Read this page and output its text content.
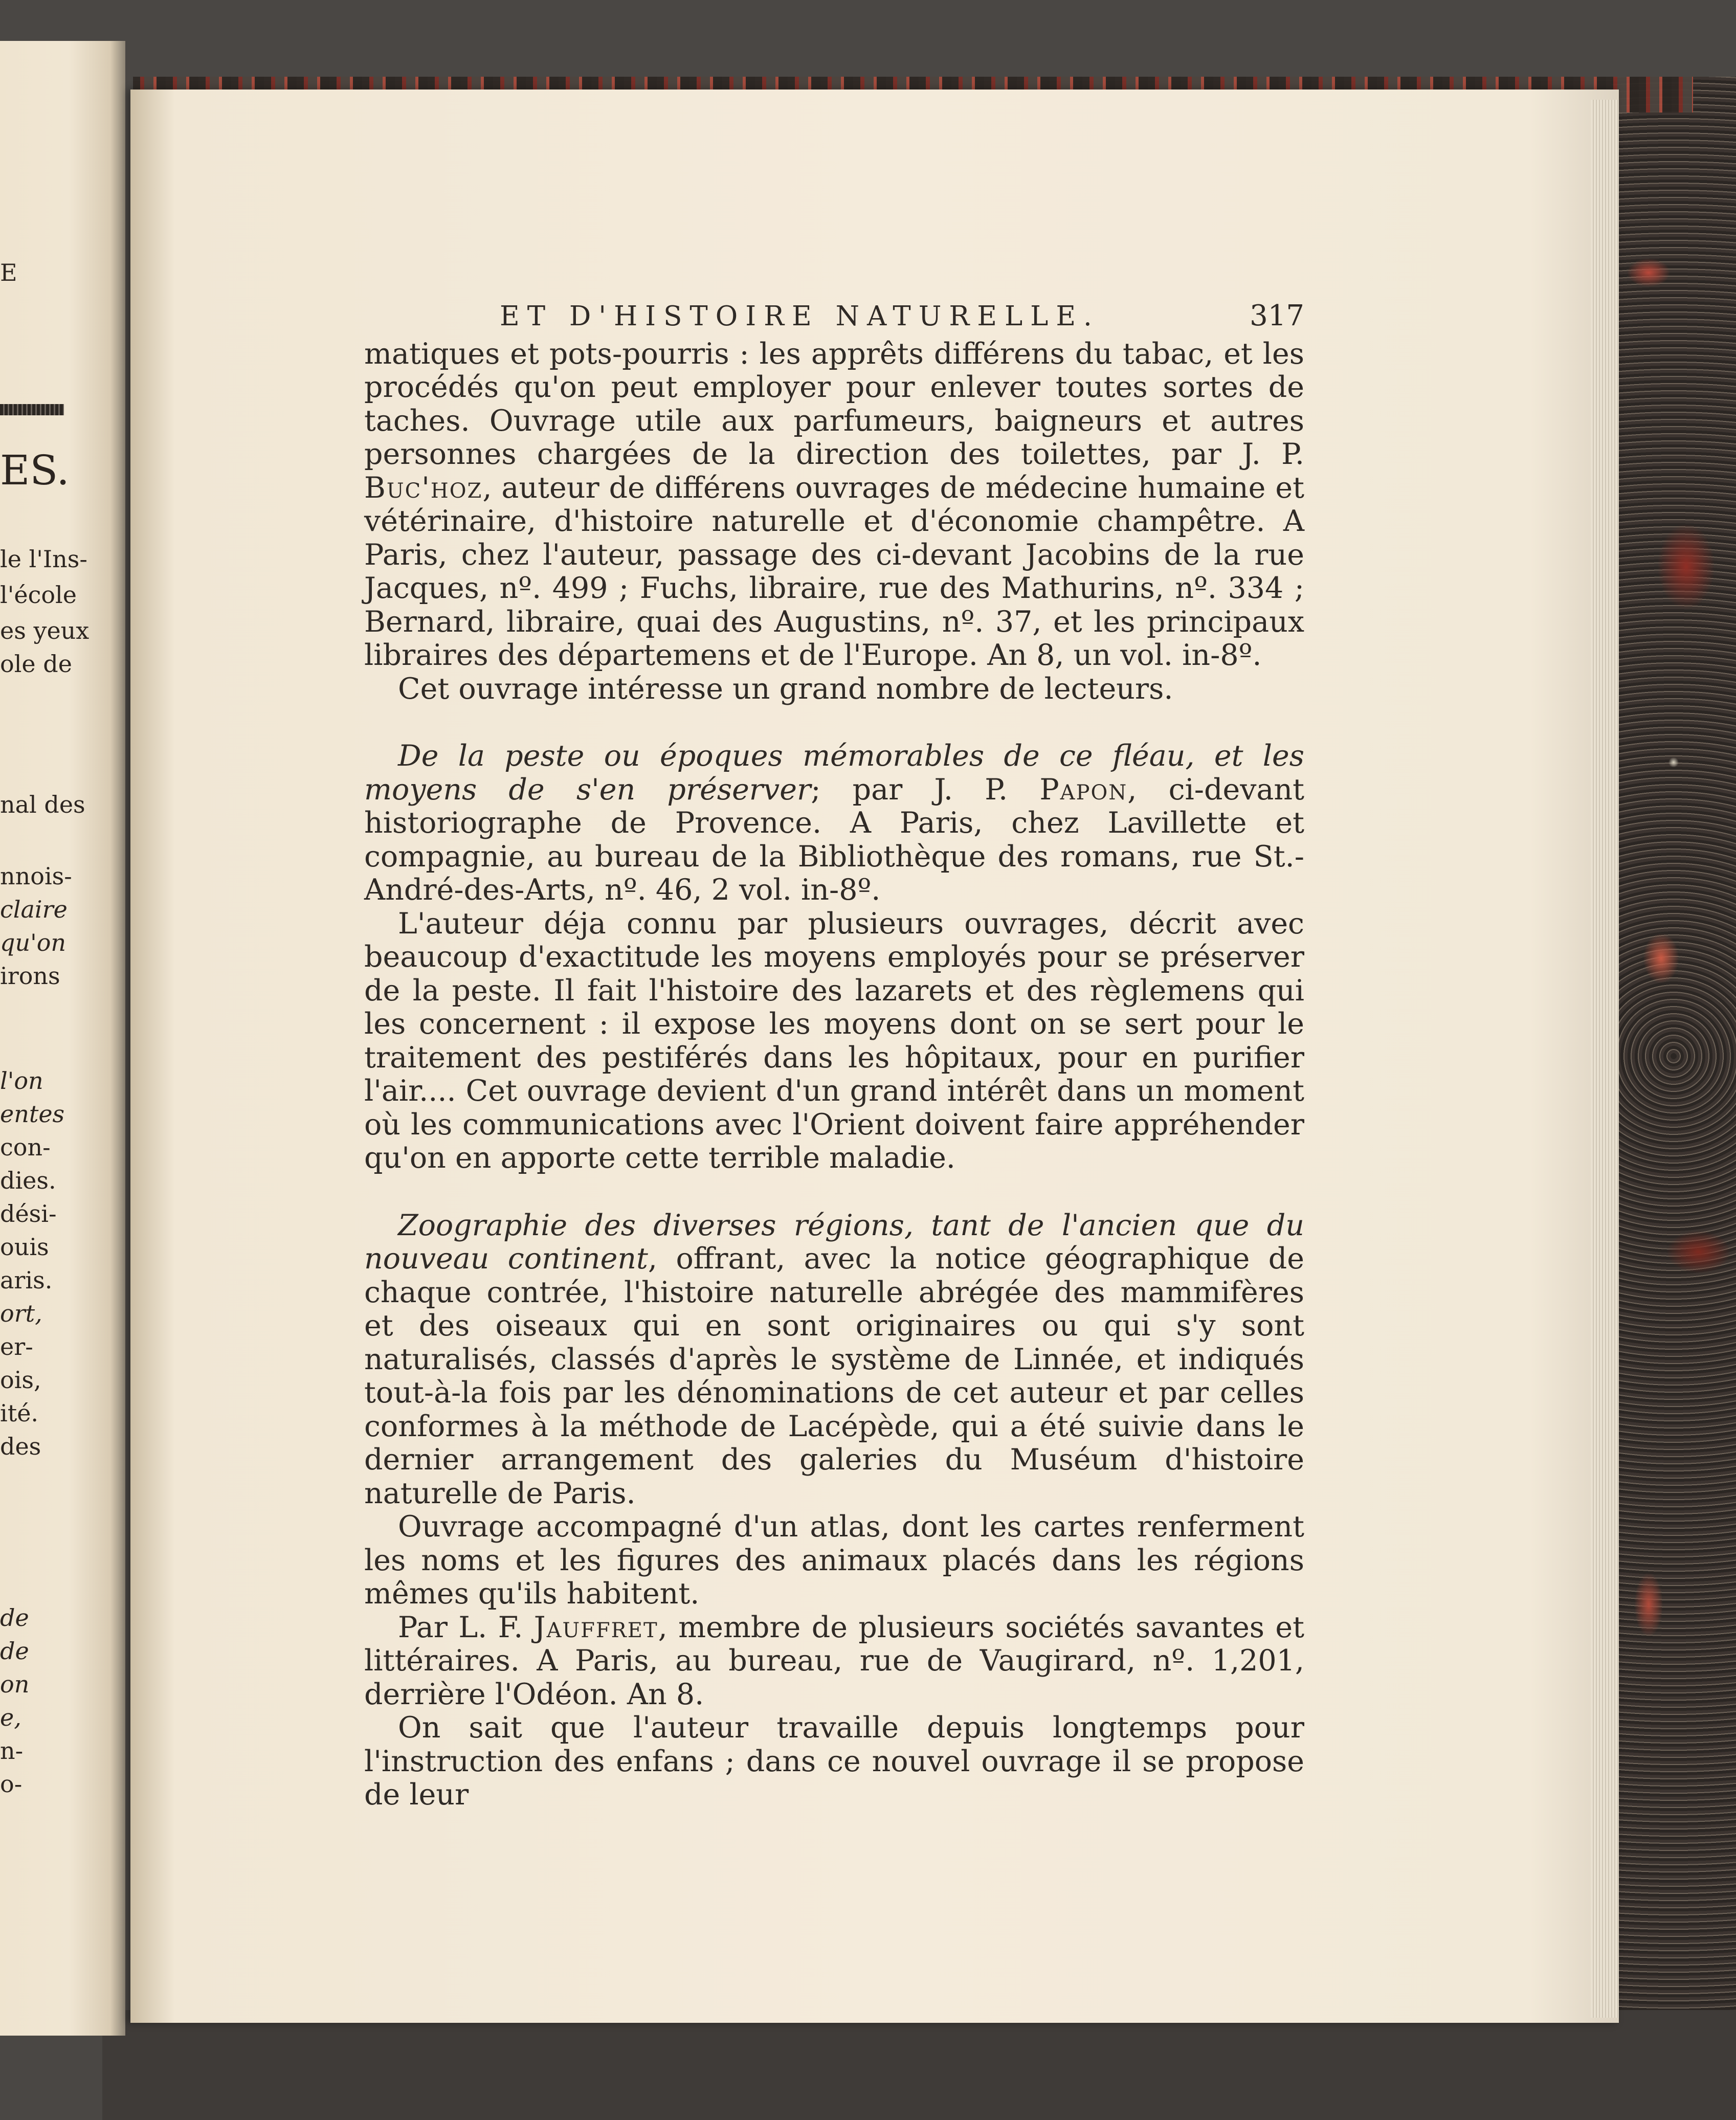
E
ES.
le l'Ins-
l'école
es yeux
ole de
nal des
nnois-
claire
qu'on
irons
l'on
entes
con-
dies.
dési-
ouis
aris.
ort,
er-
ois,
ité.
des
de
de
on
e,
n-
o-
ET D'HISTOIRE NATURELLE.	317

matiques et pots-pourris : les apprêts différens du tabac, et les procédés qu'on peut employer pour enlever toutes sortes de taches. Ouvrage utile aux parfumeurs, baigneurs et autres personnes chargées de la direction des toilettes, par J. P. Buc'hoz, auteur de différens ouvrages de médecine humaine et vétérinaire, d'histoire naturelle et d'économie champêtre. A Paris, chez l'auteur, passage des ci-devant Jacobins de la rue Jacques, nº. 499 ; Fuchs, libraire, rue des Mathurins, nº. 334 ; Bernard, libraire, quai des Augustins, nº. 37, et les principaux libraires des départemens et de l'Europe. An 8, un vol. in-8º.

Cet ouvrage intéresse un grand nombre de lecteurs.

De la peste ou époques mémorables de ce fléau, et les moyens de s'en préserver; par J. P. Papon, ci-devant historiographe de Provence. A Paris, chez Lavillette et compagnie, au bureau de la Bibliothèque des romans, rue St.-André-des-Arts, nº. 46, 2 vol. in-8º.

L'auteur déja connu par plusieurs ouvrages, décrit avec beaucoup d'exactitude les moyens employés pour se préserver de la peste. Il fait l'histoire des lazarets et des règlemens qui les concernent : il expose les moyens dont on se sert pour le traitement des pestiférés dans les hôpitaux, pour en purifier l'air.... Cet ouvrage devient d'un grand intérêt dans un moment où les communications avec l'Orient doivent faire appréhender qu'on en apporte cette terrible maladie.

Zoographie des diverses régions, tant de l'ancien que du nouveau continent, offrant, avec la notice géographique de chaque contrée, l'histoire naturelle abrégée des mammifères et des oiseaux qui en sont originaires ou qui s'y sont naturalisés, classés d'après le système de Linnée, et indiqués tout-à-la fois par les dénominations de cet auteur et par celles conformes à la méthode de Lacépède, qui a été suivie dans le dernier arrangement des galeries du Muséum d'histoire naturelle de Paris.

Ouvrage accompagné d'un atlas, dont les cartes renferment les noms et les figures des animaux placés dans les régions mêmes qu'ils habitent.

Par L. F. Jauffret, membre de plusieurs sociétés savantes et littéraires. A Paris, au bureau, rue de Vaugirard, nº. 1,201, derrière l'Odéon. An 8.

On sait que l'auteur travaille depuis longtemps pour l'instruction des enfans ; dans ce nouvel ouvrage il se propose de leur
